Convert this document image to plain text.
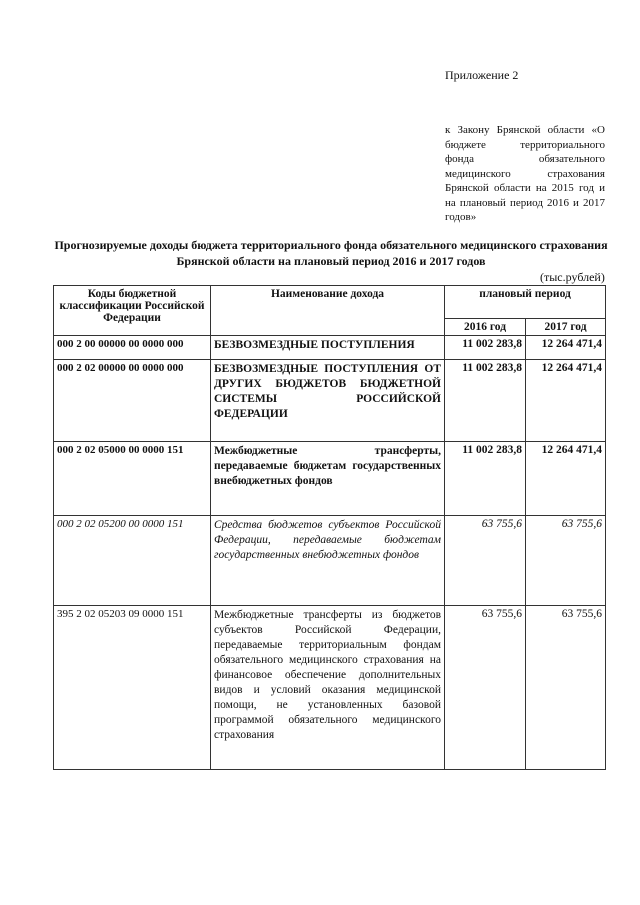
Приложение 2
к Закону Брянской области «О бюджете территориального фонда обязательного медицинского страхования Брянской области на 2015 год и на плановый период 2016 и 2017 годов»
Прогнозируемые доходы бюджета территориального фонда обязательного медицинского страхования Брянской области на плановый период 2016 и 2017 годов
(тыс.рублей)
Коды бюджетной классификации Российской Федерации	Наименование дохода	плановый период	
		2016 год	2017 год
000 2 00 00000 00 0000 000	БЕЗВОЗМЕЗДНЫЕ ПОСТУПЛЕНИЯ	11 002 283,8	12 264 471,4
000 2 02 00000 00 0000 000	БЕЗВОЗМЕЗДНЫЕ ПОСТУПЛЕНИЯ ОТ ДРУГИХ БЮДЖЕТОВ БЮДЖЕТНОЙ СИСТЕМЫ РОССИЙСКОЙ ФЕДЕРАЦИИ	11 002 283,8	12 264 471,4
000 2 02 05000 00 0000 151	Межбюджетные трансферты, передаваемые бюджетам государственных внебюджетных фондов	11 002 283,8	12 264 471,4
000 2 02 05200 00 0000 151	Средства бюджетов субъектов Российской Федерации, передаваемые бюджетам государственных внебюджетных фондов	63 755,6	63 755,6
395 2 02 05203 09 0000 151	Межбюджетные трансферты из бюджетов субъектов Российской Федерации, передаваемые территориальным фондам обязательного медицинского страхования на финансовое обеспечение дополнительных видов и условий оказания медицинской помощи, не установленных базовой программой обязательного медицинского страхования	63 755,6	63 755,6
